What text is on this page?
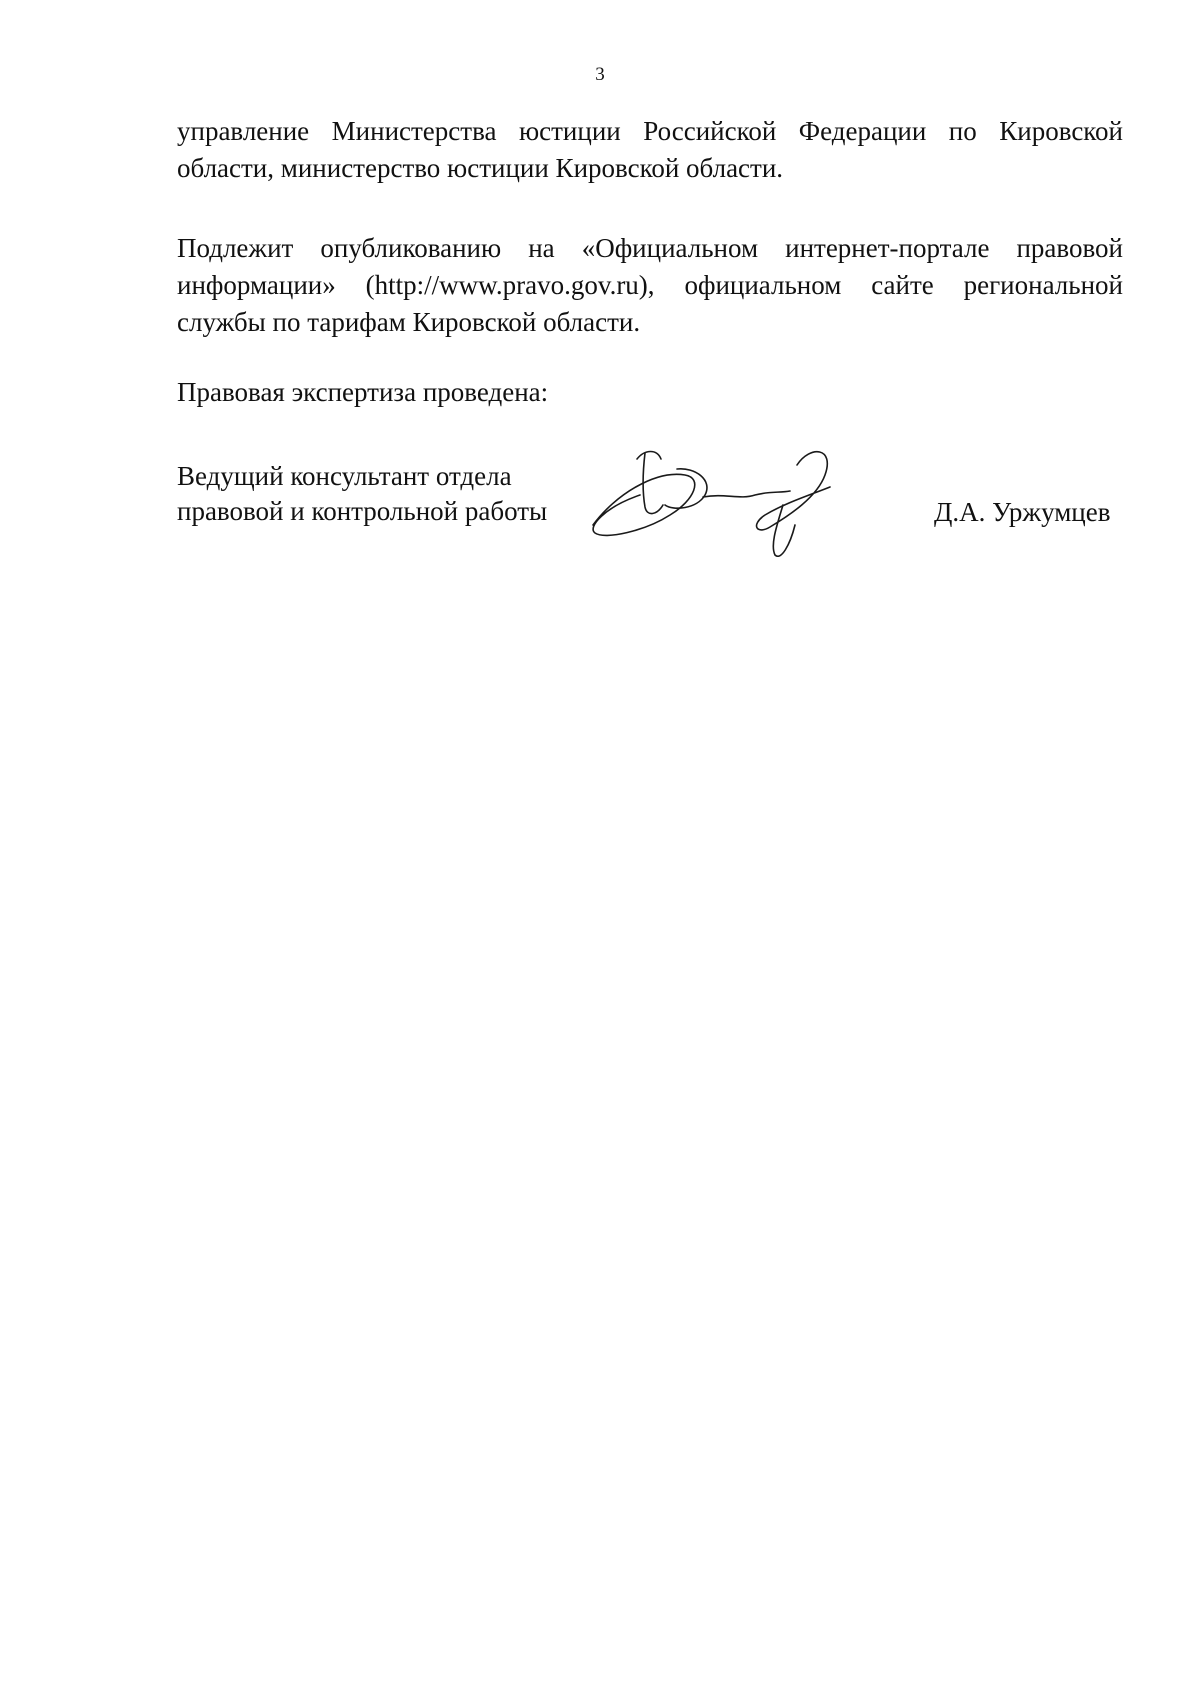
3
управление Министерства юстиции Российской Федерации по Кировской области, министерство юстиции Кировской области.
Подлежит опубликованию на «Официальном интернет-портале правовой информации» (http://www.pravo.gov.ru), официальном сайте региональной службы по тарифам Кировской области.
Правовая экспертиза проведена:
Ведущий консультант отдела
правовой и контрольной работы	Д.А. Уржумцев
